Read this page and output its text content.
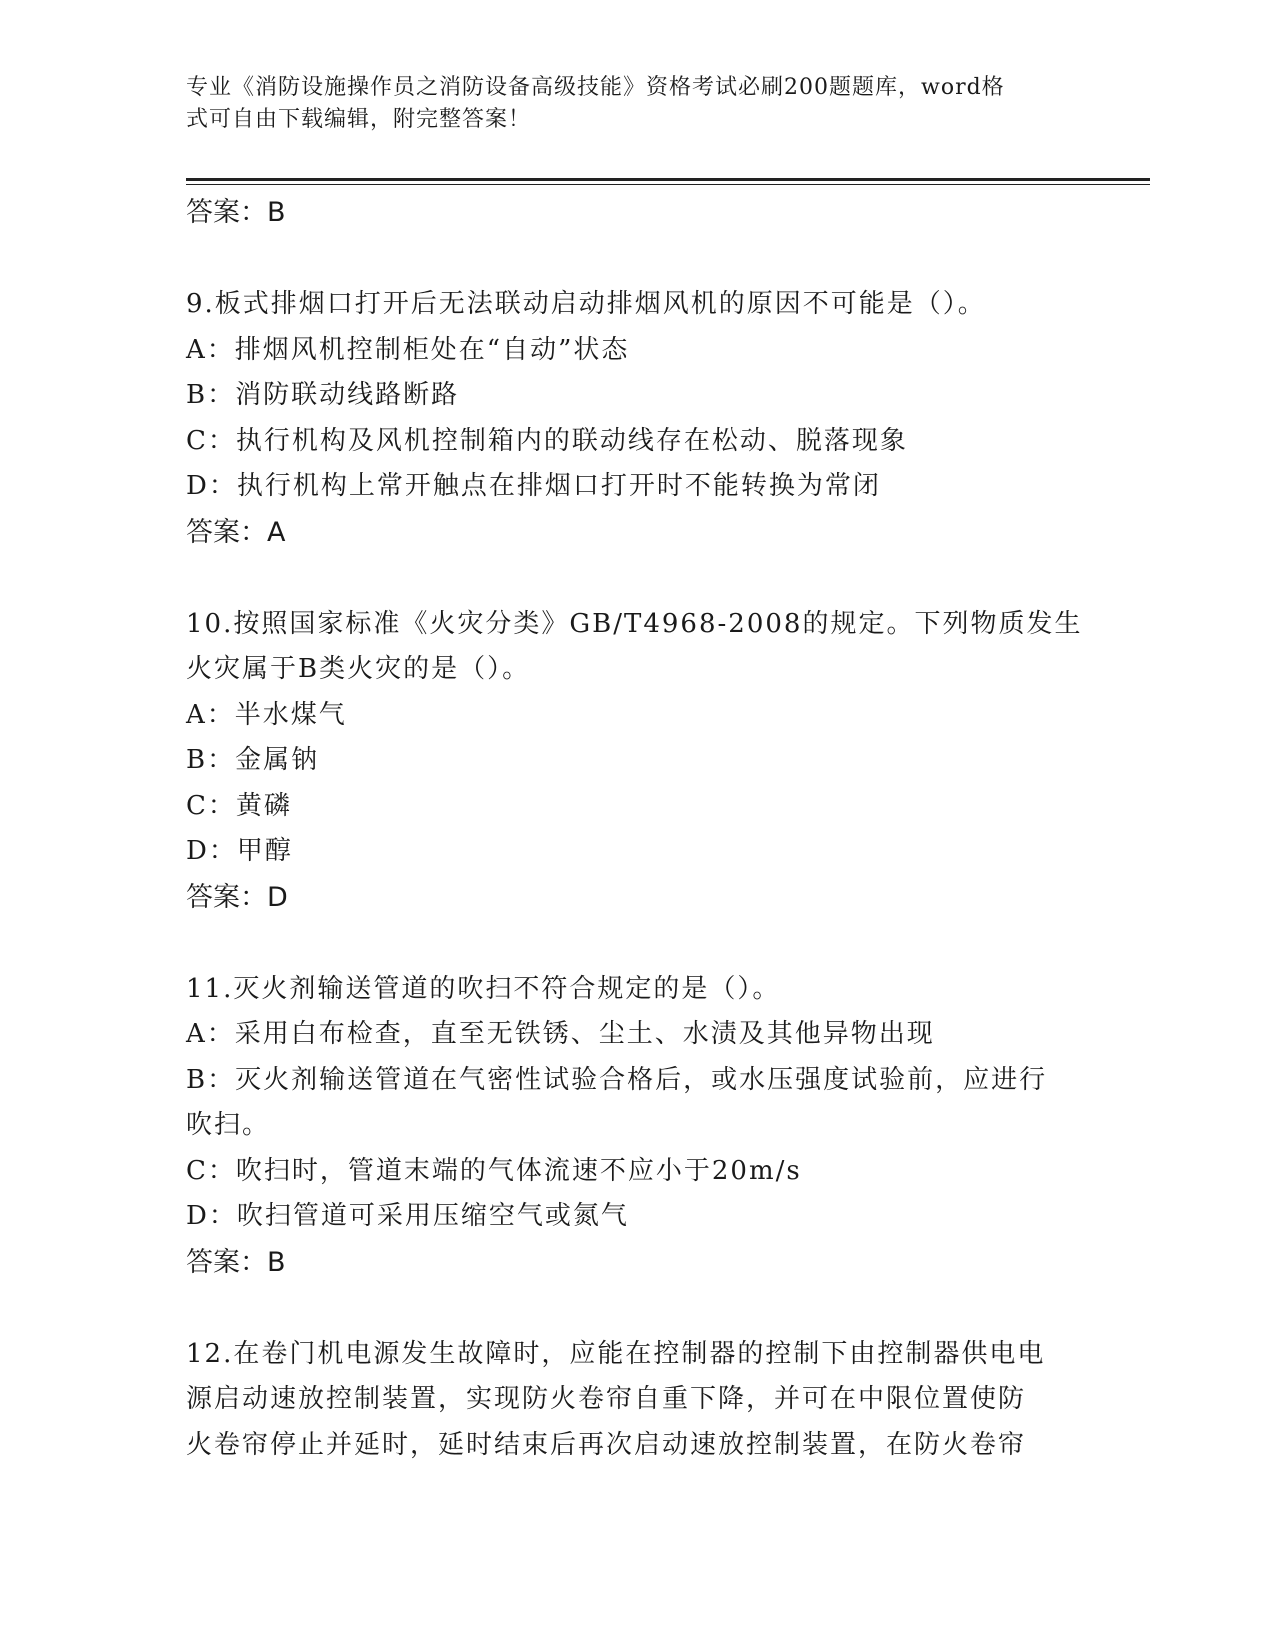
专业《消防设施操作员之消防设备高级技能》资格考试必刷200题题库，word格
式可自由下载编辑，附完整答案！

答案：B

9.板式排烟口打开后无法联动启动排烟风机的原因不可能是（）。

A：排烟风机控制柜处在“自动”状态

B：消防联动线路断路

C：执行机构及风机控制箱内的联动线存在松动、脱落现象

D：执行机构上常开触点在排烟口打开时不能转换为常闭

答案：A

10.按照国家标准《火灾分类》GB/T4968-2008的规定。下列物质发生

火灾属于B类火灾的是（）。

A：半水煤气

B：金属钠

C：黄磷

D：甲醇

答案：D

11.灭火剂输送管道的吹扫不符合规定的是（）。

A：采用白布检查，直至无铁锈、尘土、水渍及其他异物出现

B：灭火剂输送管道在气密性试验合格后，或水压强度试验前，应进行

吹扫。

C：吹扫时，管道末端的气体流速不应小于20m/s

D：吹扫管道可采用压缩空气或氮气

答案：B

12.在卷门机电源发生故障时，应能在控制器的控制下由控制器供电电

源启动速放控制装置，实现防火卷帘自重下降，并可在中限位置使防

火卷帘停止并延时，延时结束后再次启动速放控制装置，在防火卷帘
